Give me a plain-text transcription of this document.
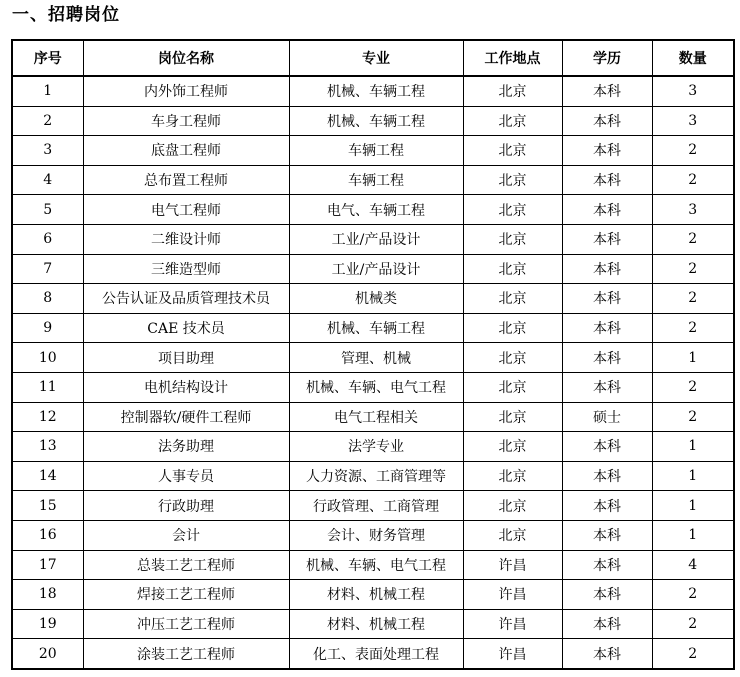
一、招聘岗位
序号	岗位名称	专业	工作地点	学历	数量
1	内外饰工程师	机械、车辆工程	北京	本科	3
2	车身工程师	机械、车辆工程	北京	本科	3
3	底盘工程师	车辆工程	北京	本科	2
4	总布置工程师	车辆工程	北京	本科	2
5	电气工程师	电气、车辆工程	北京	本科	3
6	二维设计师	工业/产品设计	北京	本科	2
7	三维造型师	工业/产品设计	北京	本科	2
8	公告认证及品质管理技术员	机械类	北京	本科	2
9	CAE 技术员	机械、车辆工程	北京	本科	2
10	项目助理	管理、机械	北京	本科	1
11	电机结构设计	机械、车辆、电气工程	北京	本科	2
12	控制器软/硬件工程师	电气工程相关	北京	硕士	2
13	法务助理	法学专业	北京	本科	1
14	人事专员	人力资源、工商管理等	北京	本科	1
15	行政助理	行政管理、工商管理	北京	本科	1
16	会计	会计、财务管理	北京	本科	1
17	总装工艺工程师	机械、车辆、电气工程	许昌	本科	4
18	焊接工艺工程师	材料、机械工程	许昌	本科	2
19	冲压工艺工程师	材料、机械工程	许昌	本科	2
20	涂装工艺工程师	化工、表面处理工程	许昌	本科	2
